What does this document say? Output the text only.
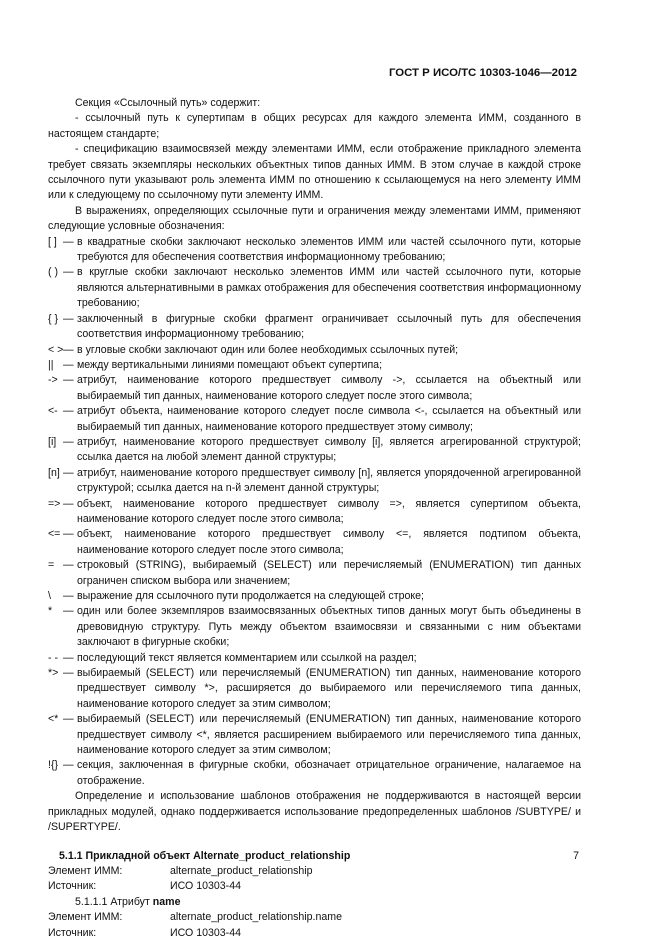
ГОСТ Р ИСО/ТС 10303-1046—2012

Секция «Ссылочный путь» содержит:

- ссылочный путь к супертипам в общих ресурсах для каждого элемента ИММ, созданного в настоящем стандарте;

- спецификацию взаимосвязей между элементами ИММ, если отображение прикладного элемента требует связать экземпляры нескольких объектных типов данных ИММ. В этом случае в каждой строке ссылочного пути указывают роль элемента ИММ по отношению к ссылающемуся на него элементу ИММ или к следующему по ссылочному пути элементу ИММ.

В выражениях, определяющих ссылочные пути и ограничения между элементами ИММ, применяют следующие условные обозначения:

[ ] — в квадратные скобки заключают несколько элементов ИММ или частей ссылочного пути, которые требуются для обеспечения соответствия информационному требованию;
( ) — в круглые скобки заключают несколько элементов ИММ или частей ссылочного пути, которые являются альтернативными в рамках отображения для обеспечения соответствия информационному требованию;
{ } — заключенный в фигурные скобки фрагмент ограничивает ссылочный путь для обеспечения соответствия информационному требованию;
< > — в угловые скобки заключают один или более необходимых ссылочных путей;
|| — между вертикальными линиями помещают объект супертипа;
-> — атрибут, наименование которого предшествует символу ->, ссылается на объектный или выбираемый тип данных, наименование которого следует после этого символа;
<- — атрибут объекта, наименование которого следует после символа <-, ссылается на объектный или выбираемый тип данных, наименование которого предшествует этому символу;
[i] — атрибут, наименование которого предшествует символу [i], является агрегированной структурой; ссылка дается на любой элемент данной структуры;
[n] — атрибут, наименование которого предшествует символу [n], является упорядоченной агрегированной структурой; ссылка дается на n-й элемент данной структуры;
=> — объект, наименование которого предшествует символу =>, является супертипом объекта, наименование которого следует после этого символа;
<= — объект, наименование которого предшествует символу <=, является подтипом объекта, наименование которого следует после этого символа;
= — строковый (STRING), выбираемый (SELECT) или перечисляемый (ENUMERATION) тип данных ограничен списком выбора или значением;
\	— выражение для ссылочного пути продолжается на следующей строке;
*	— один или более экземпляров взаимосвязанных объектных типов данных могут быть объединены в древовидную структуру. Путь между объектом взаимосвязи и связанными с ним объектами заключают в фигурные скобки;
- - — последующий текст является комментарием или ссылкой на раздел;
*> — выбираемый (SELECT) или перечисляемый (ENUMERATION) тип данных, наименование которого предшествует символу *>, расширяется до выбираемого или перечисляемого типа данных, наименование которого следует за этим символом;
<* — выбираемый (SELECT) или перечисляемый (ENUMERATION) тип данных, наименование которого предшествует символу <*, является расширением выбираемого или перечисляемого типа данных, наименование которого следует за этим символом;
!{} — секция, заключенная в фигурные скобки, обозначает отрицательное ограничение, налагаемое на отображение.

Определение и использование шаблонов отображения не поддерживаются в настоящей версии прикладных модулей, однако поддерживается использование предопределенных шаблонов /SUBTYPE/ и /SUPERTYPE/.

5.1.1 Прикладной объект Alternate_product_relationship
Элемент ИММ:	alternate_product_relationship
Источник:	ИСО 10303-44
5.1.1.1 Атрибут name
Элемент ИММ:	alternate_product_relationship.name
Источник:	ИСО 10303-44
7
